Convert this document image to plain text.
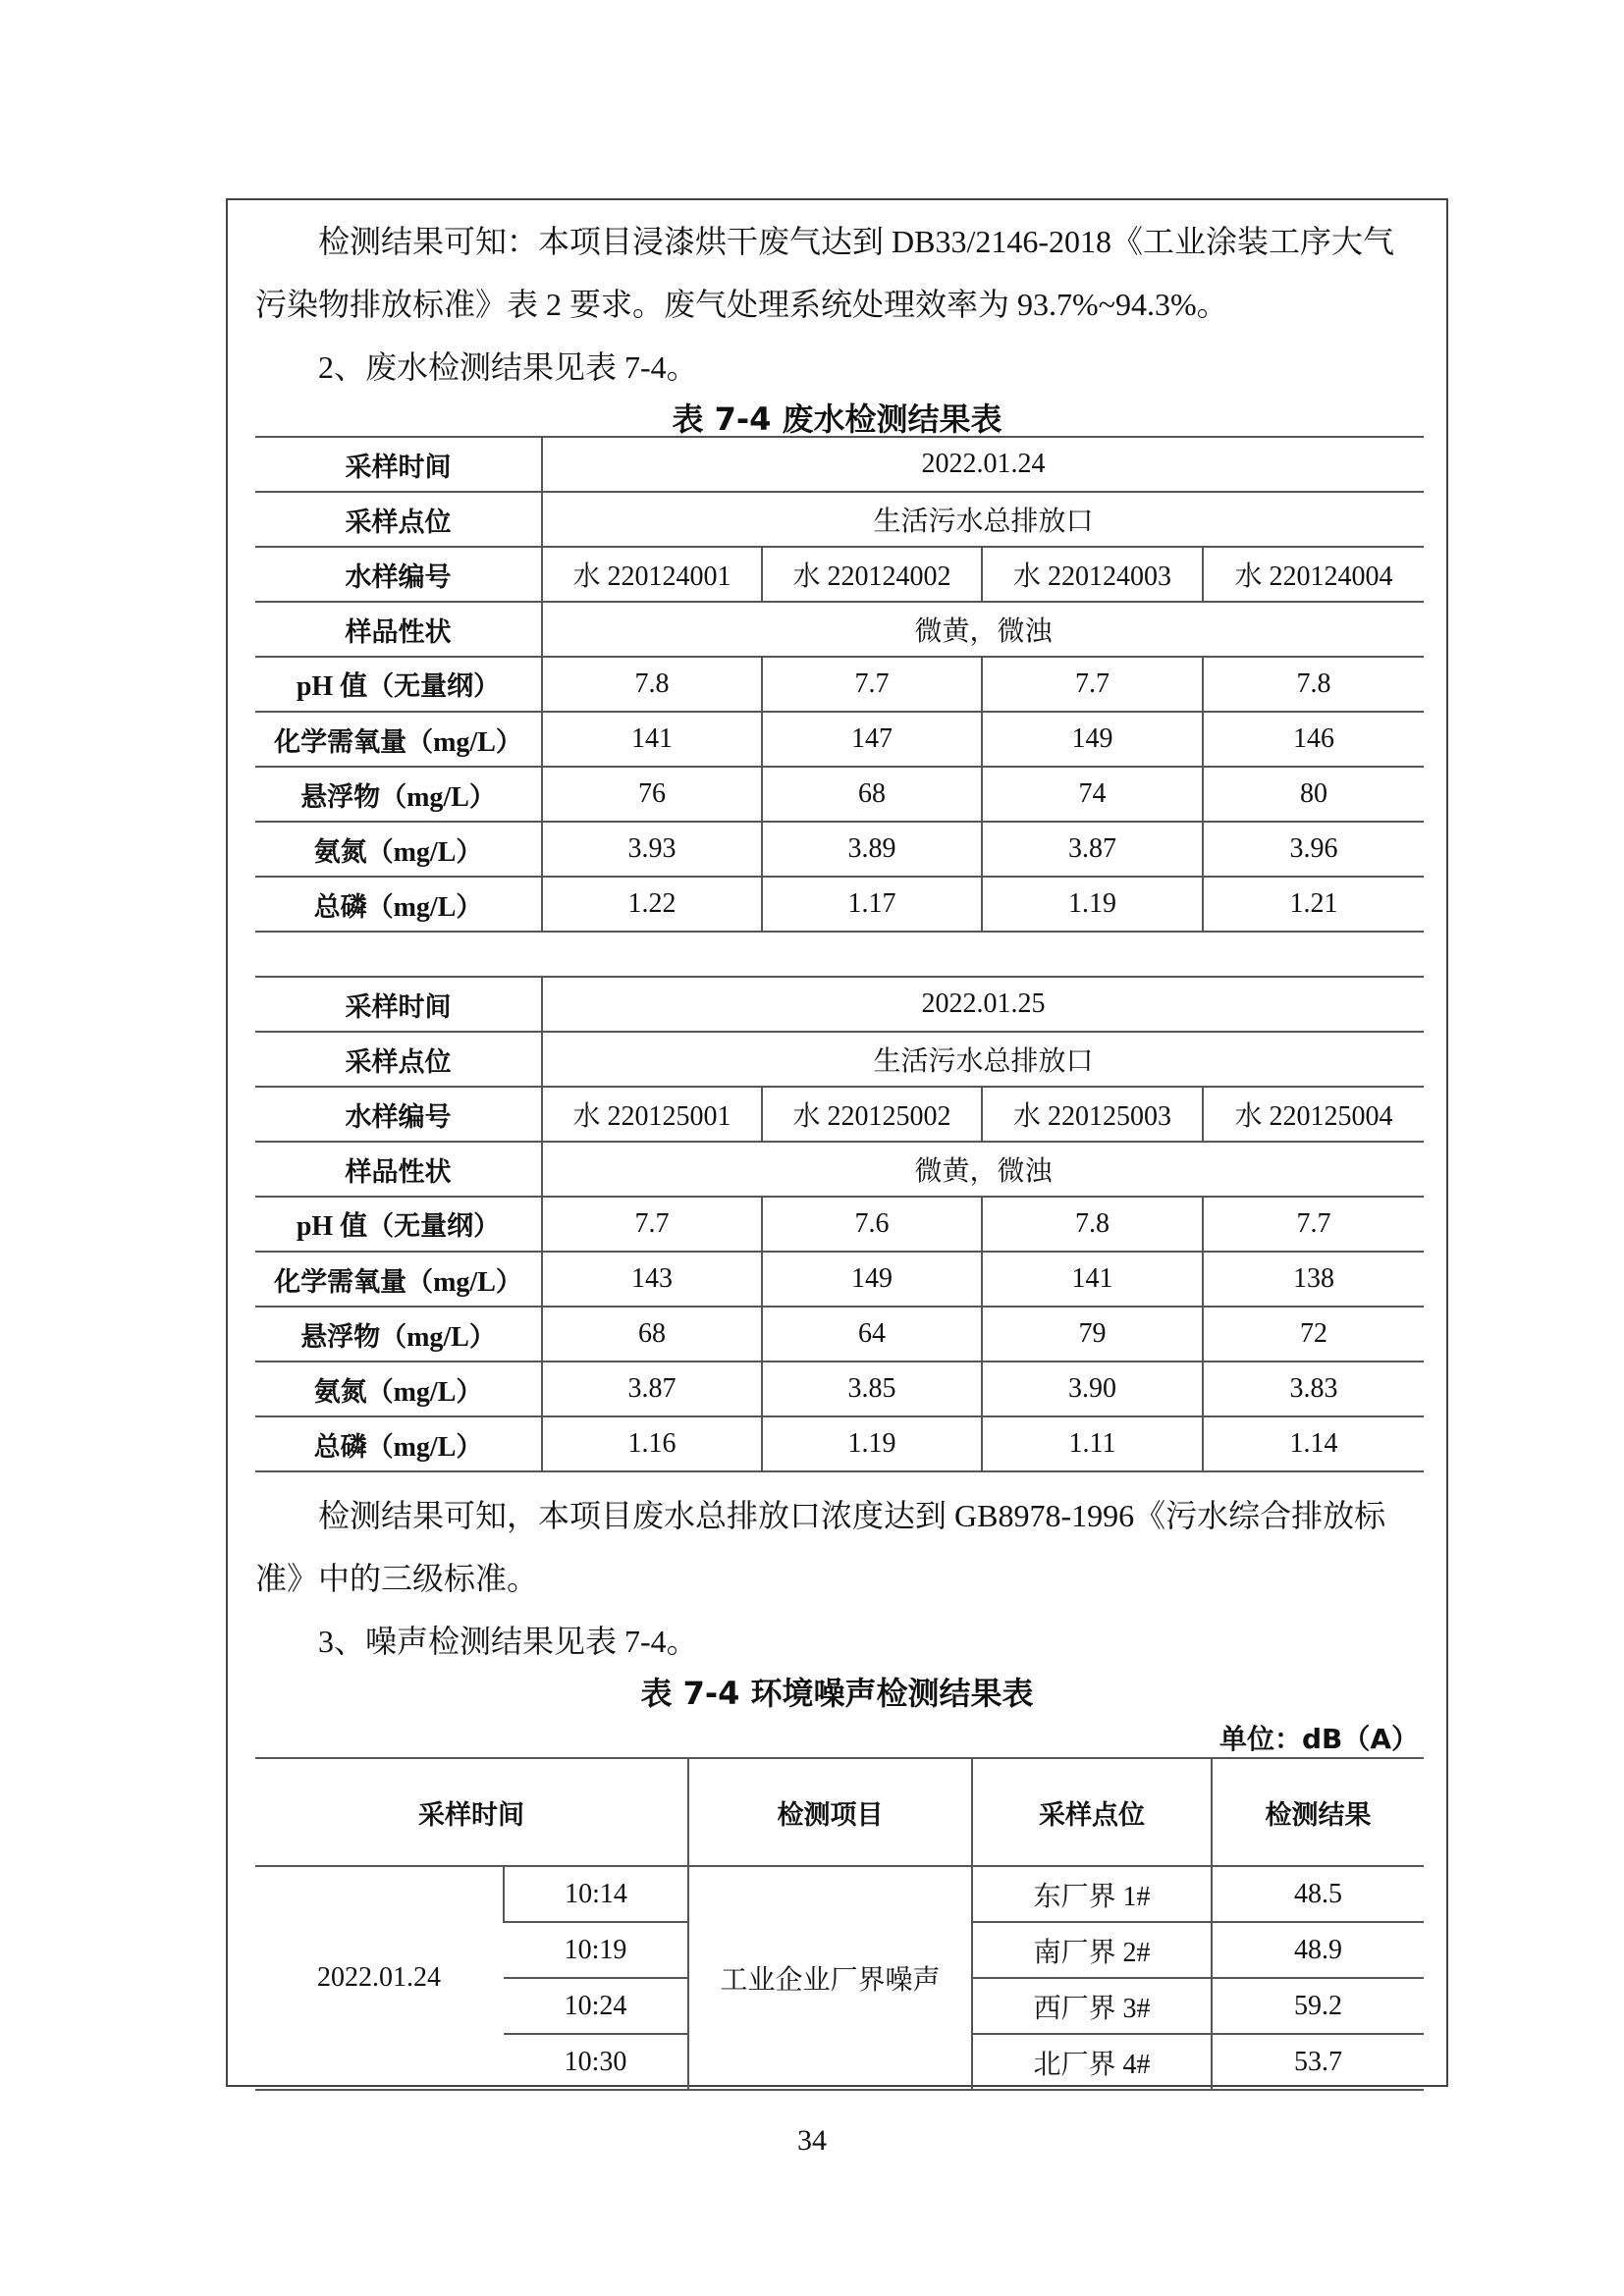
检测结果可知：本项目浸漆烘干废气达到 DB33/2146-2018《工业涂装工序大气
污染物排放标准》表 2 要求。废气处理系统处理效率为 93.7%~94.3%。

2、废水检测结果见表 7-4。

表 7-4 废水检测结果表
采样时间	2022.01.24			
采样点位	生活污水总排放口			
水样编号	水 220124001	水 220124002	水 220124003	水 220124004
样品性状	微黄，微浊			
pH 值（无量纲）	7.8	7.7	7.7	7.8
化学需氧量（mg/L）	141	147	149	146
悬浮物（mg/L）	76	68	74	80
氨氮（mg/L）	3.93	3.89	3.87	3.96
总磷（mg/L）	1.22	1.17	1.19	1.21
采样时间	2022.01.25			
采样点位	生活污水总排放口			
水样编号	水 220125001	水 220125002	水 220125003	水 220125004
样品性状	微黄，微浊			
pH 值（无量纲）	7.7	7.6	7.8	7.7
化学需氧量（mg/L）	143	149	141	138
悬浮物（mg/L）	68	64	79	72
氨氮（mg/L）	3.87	3.85	3.90	3.83
总磷（mg/L）	1.16	1.19	1.11	1.14

检测结果可知，本项目废水总排放口浓度达到 GB8978-1996《污水综合排放标
准》中的三级标准。

3、噪声检测结果见表 7-4。

表 7-4 环境噪声检测结果表
单位：dB（A）
采样时间		检测项目	采样点位	检测结果
2022.01.24	10:14	工业企业厂界噪声	东厂界 1#	48.5
	10:19		南厂界 2#	48.9
	10:24		西厂界 3#	59.2
	10:30		北厂界 4#	53.7
34
